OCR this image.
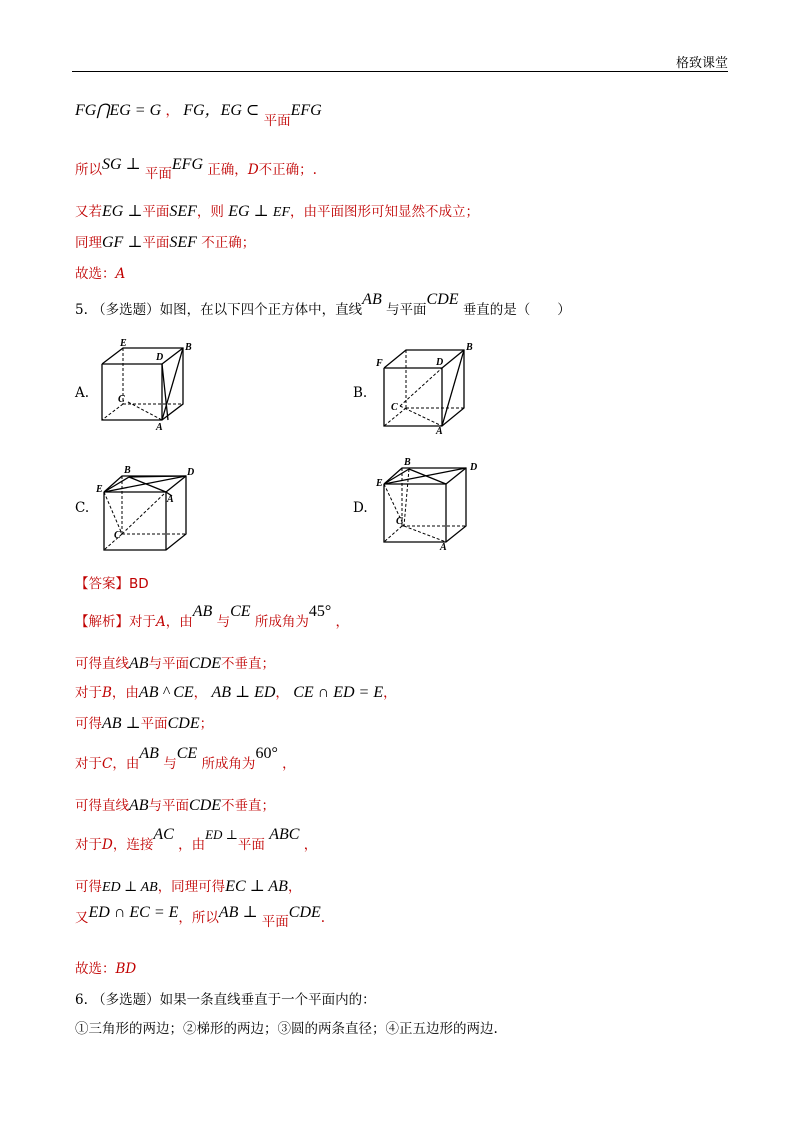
格致课堂
FG⋂EG = G ， FG，EG ⊂ 平面EFG
所以SG ⊥ 平面EFG 正确，D不正确；.
又若EG ⊥平面SEF，则 EG ⊥ EF，由平面图形可知显然不成立；
同理GF ⊥平面SEF 不正确；
故选：A
5. （多选题）如图，在以下四个正方体中，直线AB 与平面CDE 垂直的是（　　）
A.	B.
C.	D.
E
D
B
C
A
F	D
B
C
A
B	D
E
A
C
B	D
E
C
A
【答案】BD
【解析】对于A，由AB 与CE 所成角为45° ，
可得直线AB与平面CDE不垂直；
对于B，由AB ^ CE， AB ⊥ ED， CE ∩ ED = E，
可得AB ⊥平面CDE；
对于C，由AB 与CE 所成角为60° ，
可得直线AB与平面CDE不垂直；
对于D，连接AC ，由ED ⊥平面 ABC ，
可得ED ⊥ AB，同理可得EC ⊥ AB，
又ED ∩ EC = E，所以AB ⊥ 平面CDE.
故选：BD
6. （多选题）如果一条直线垂直于一个平面内的：
①三角形的两边；②梯形的两边；③圆的两条直径；④正五边形的两边.
